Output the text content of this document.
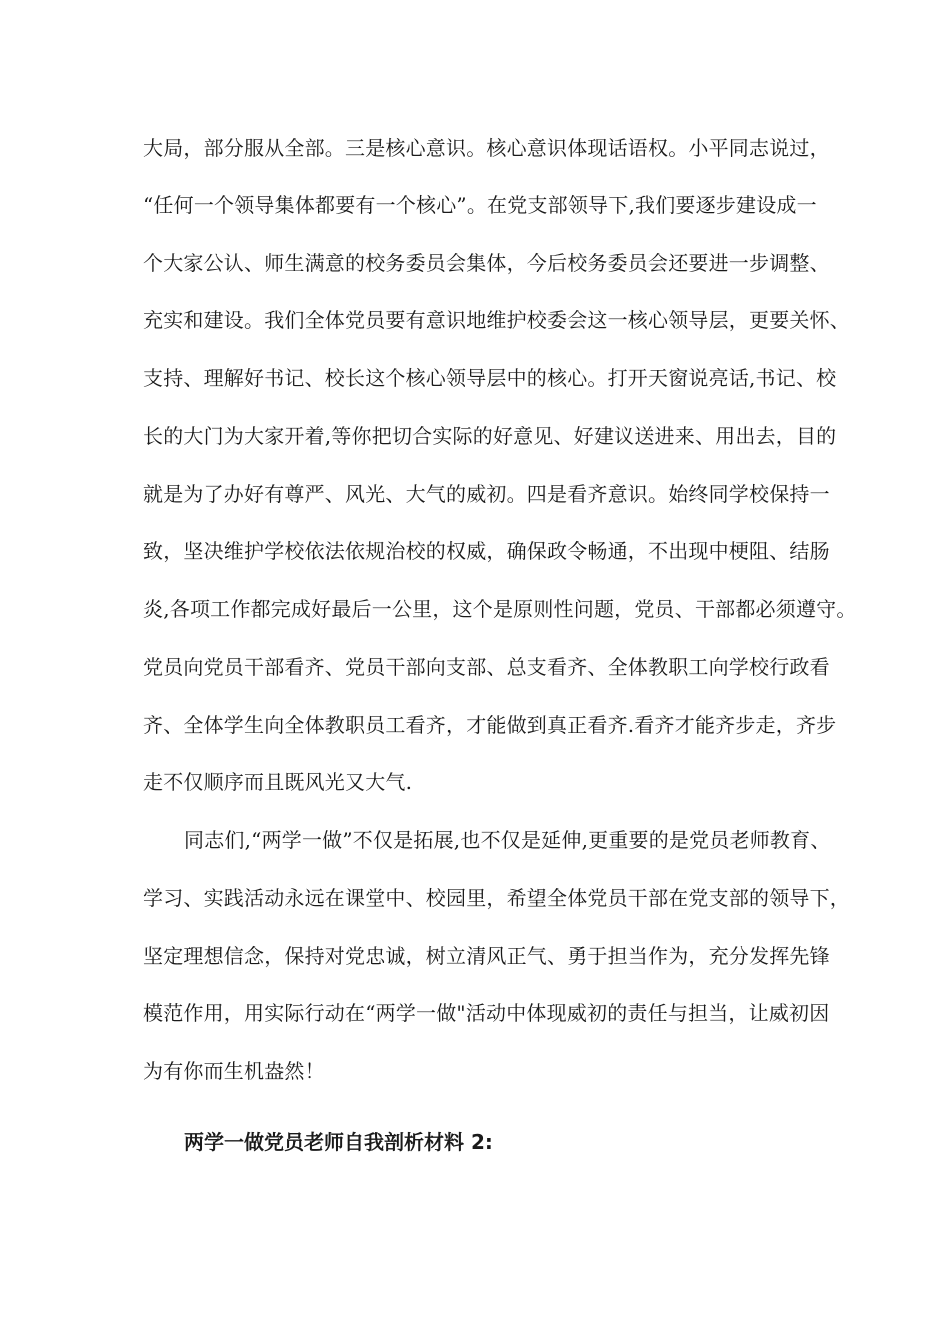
大局，部分服从全部。三是核心意识。核心意识体现话语权。小平同志说过，
“任何一个领导集体都要有一个核心”。在党支部领导下,我们要逐步建设成一
个大家公认、师生满意的校务委员会集体，今后校务委员会还要进一步调整、
充实和建设。我们全体党员要有意识地维护校委会这一核心领导层，更要关怀、
支持、理解好书记、校长这个核心领导层中的核心。打开天窗说亮话,书记、校
长的大门为大家开着,等你把切合实际的好意见、好建议送进来、用出去，目的
就是为了办好有尊严、风光、大气的威初。四是看齐意识。始终同学校保持一
致，坚决维护学校依法依规治校的权威，确保政令畅通，不出现中梗阻、结肠
炎,各项工作都完成好最后一公里，这个是原则性问题，党员、干部都必须遵守。
党员向党员干部看齐、党员干部向支部、总支看齐、全体教职工向学校行政看
齐、全体学生向全体教职员工看齐，才能做到真正看齐.看齐才能齐步走，齐步
走不仅顺序而且既风光又大气.
同志们,“两学一做”不仅是拓展,也不仅是延伸,更重要的是党员老师教育、
学习、实践活动永远在课堂中、校园里，希望全体党员干部在党支部的领导下，
坚定理想信念，保持对党忠诚，树立清风正气、勇于担当作为，充分发挥先锋
模范作用，用实际行动在“两学一做"活动中体现威初的责任与担当，让威初因
为有你而生机盎然！
两学一做党员老师自我剖析材料 2:
